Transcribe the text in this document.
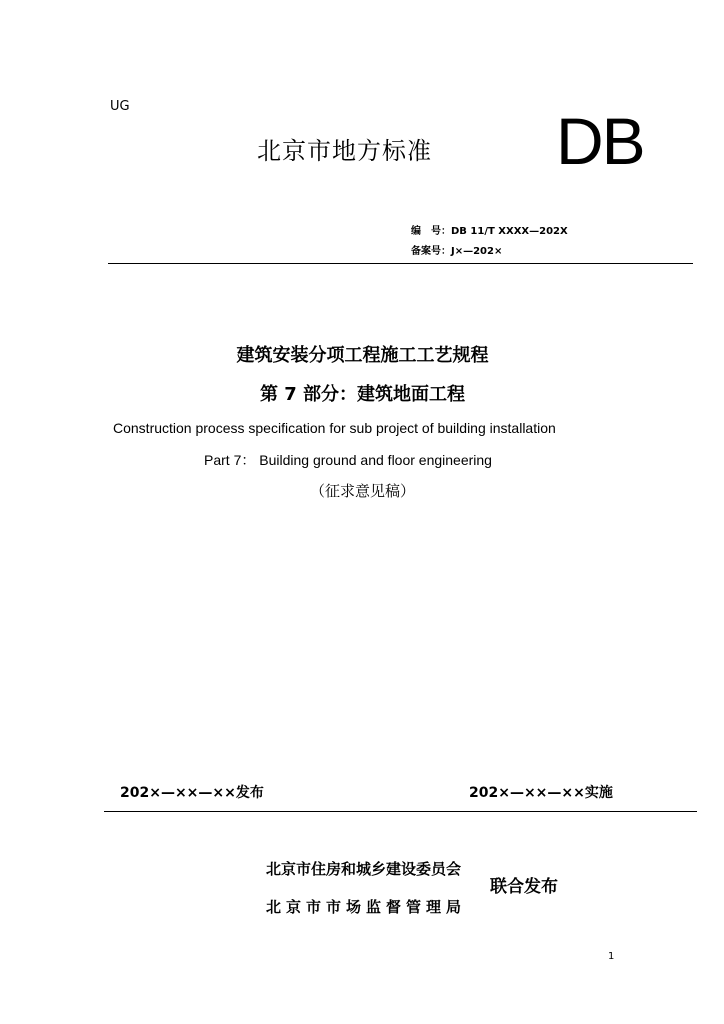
UG
北京市地方标准 DB
编　号：DB 11/T XXXX—202X
备案号：J×—202×
建筑安装分项工程施工工艺规程
第 7 部分：建筑地面工程
Construction process specification for sub project of building installation
Part 7： Building ground and floor engineering
（征求意见稿）
202×—××—××发布	202×—××—××实施
北京市住房和城乡建设委员会
北京市市场监督管理局
联合发布
1
